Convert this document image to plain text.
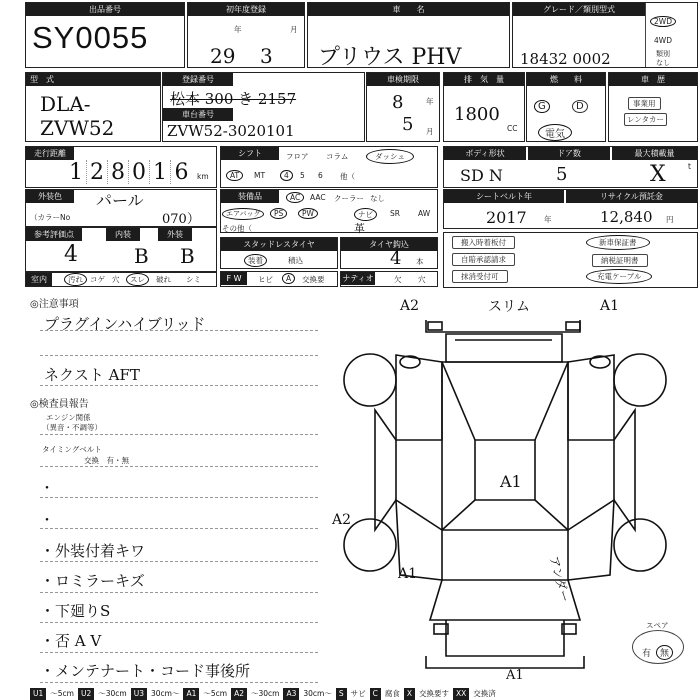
出品番号
SY0055
初年度登録
年	月
29 3
車　　名
プリウス PHV
グレード／類別型式
18432 0002
2WD
4WD
類別
なし
型　式
DLA-
ZVW52
登録番号
松本 300 き 2157
車台番号
ZVW52-3020101
車検期限
年
月
8
5
排　気　量
1800
CC
燃　　料
G	D
電気
車　歴
事業用
レンタカー
走行距離
1 2 8 0 1 6	km
シフト	フロア コラム	ダッシュ
AT	MT	4	5 6 他（
ボディ形状	ドア数	最大積載量
SD N	5	X	t
外装色	パール
（カラーNo	070）
装備品	AC	AAC クーラー なし
エアバッグ	PS	PW	ナビ	SR AW
その他（	革
シートベルト年	リサイクル預託金
2017 年	12,840 円
参考評価点	内装	外装
4	B B
室内	汚れ コゲ 穴	スレ	破れ シミ
スタッドレスタイヤ
装着	積込
タイヤ鈎込
4 本
F W	ヒビ	A	交換要 ナティオ	欠 穴
搬入時着板付	新車保証書
自賠承認請求	納税証明書
抹消受付可	充電ケーブル
◎注意事項
プラグインハイブリッド
ネクスト AFT
◎検査員報告
エンジン関係
（異音・不調等）
タイミングベルト
交換　有・無
・
・
・外装付着キワ
・ロミラーキズ
・下廻りS
・否 A V
・メンテナート・コード事後所
A2	スリム	A1
A1
A2
A1	アンダー
A1
スペア
有 無
U1 ～5cm U2 ～30cm U3 30cm～ A1 ～5cm A2 ～30cm A3 30cm～ S サビ C 腐食 X 交換要す XX 交換済
